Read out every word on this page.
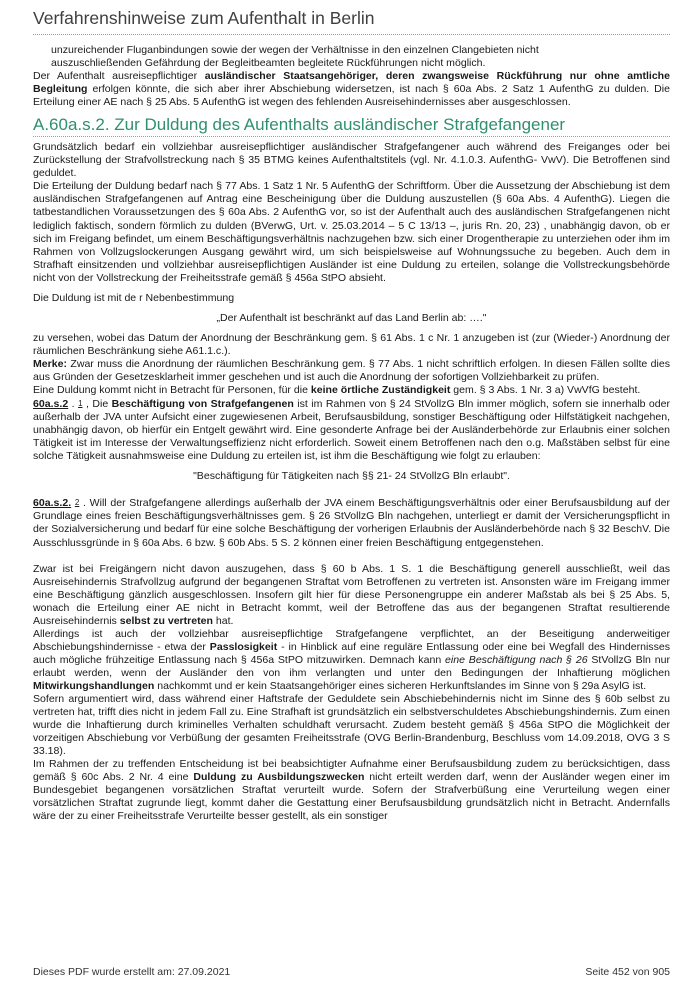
Verfahrenshinweise zum Aufenthalt in Berlin

unzureichender Fluganbindungen sowie der wegen der Verhältnisse in den einzelnen Clangebieten nicht
auszuschließenden Gefährdung der Begleitbeamten begleitete Rückführungen nicht möglich.

Der Aufenthalt ausreisepflichtiger ausländischer Staatsangehöriger, deren zwangsweise Rückführung nur ohne amtliche Begleitung erfolgen könnte, die sich aber ihrer Abschiebung widersetzen, ist nach § 60a Abs. 2 Satz 1 AufenthG zu dulden. Die Erteilung einer AE nach § 25 Abs. 5 AufenthG ist wegen des fehlenden Ausreisehindernisses aber ausgeschlossen.

A.60a.s.2. Zur Duldung des Aufenthalts ausländischer Strafgefangener

Grundsätzlich bedarf ein vollziehbar ausreisepflichtiger ausländischer Strafgefangener auch während des Freiganges oder bei Zurückstellung der Strafvollstreckung nach § 35 BTMG keines Aufenthaltstitels (vgl. Nr. 4.1.0.3. AufenthG- VwV). Die Betroffenen sind geduldet.

Die Erteilung der Duldung bedarf nach § 77 Abs. 1 Satz 1 Nr. 5 AufenthG der Schriftform. Über die Aussetzung der Abschiebung ist dem ausländischen Strafgefangenen auf Antrag eine Bescheinigung über die Duldung auszustellen (§ 60a Abs. 4 AufenthG). Liegen die tatbestandlichen Voraussetzungen des § 60a Abs. 2 AufenthG vor, so ist der Aufenthalt auch des ausländischen Strafgefangenen nicht lediglich faktisch, sondern förmlich zu dulden (BVerwG, Urt. v. 25.03.2014 – 5 C 13/13 –, juris Rn. 20, 23) , unabhängig davon, ob er sich im Freigang befindet, um einem Beschäftigungsverhältnis nachzugehen bzw. sich einer Drogentherapie zu unterziehen oder ihm im Rahmen von Vollzugslockerungen Ausgang gewährt wird, um sich beispielsweise auf Wohnungssuche zu begeben. Auch dem in Strafhaft einsitzenden und vollziehbar ausreisepflichtigen Ausländer ist eine Duldung zu erteilen, solange die Vollstreckungsbehörde nicht von der Vollstreckung der Freiheitsstrafe gemäß § 456a StPO absieht.

Die Duldung ist mit de r Nebenbestimmung

„Der Aufenthalt ist beschränkt auf das Land Berlin ab: …."

zu versehen, wobei das Datum der Anordnung der Beschränkung gem. § 61 Abs. 1 c Nr. 1 anzugeben ist (zur (Wieder-) Anordnung der räumlichen Beschränkung siehe A61.1.c.).

Merke: Zwar muss die Anordnung der räumlichen Beschränkung gem. § 77 Abs. 1 nicht schriftlich erfolgen. In diesen Fällen sollte dies aus Gründen der Gesetzesklarheit immer geschehen und ist auch die Anordnung der sofortigen Vollziehbarkeit zu prüfen.

Eine Duldung kommt nicht in Betracht für Personen, für die keine örtliche Zuständigkeit gem. § 3 Abs. 1 Nr. 3 a) VwVfG besteht.

60a.s.2 . 1 , Die Beschäftigung von Strafgefangenen ist im Rahmen von § 24 StVollzG Bln immer möglich, sofern sie innerhalb oder außerhalb der JVA unter Aufsicht einer zugewiesenen Arbeit, Berufsausbildung, sonstiger Beschäftigung oder Hilfstätigkeit nachgehen, unabhängig davon, ob hierfür ein Entgelt gewährt wird. Eine gesonderte Anfrage bei der Ausländerbehörde zur Erlaubnis einer solchen Tätigkeit ist im Interesse der Verwaltungseffizienz nicht erforderlich. Soweit einem Betroffenen nach den o.g. Maßstäben selbst für eine solche Tätigkeit ausnahmsweise eine Duldung zu erteilen ist, ist ihm die Beschäftigung wie folgt zu erlauben:

"Beschäftigung für Tätigkeiten nach §§ 21- 24 StVollzG Bln erlaubt".

60a.s.2. 2 . Will der Strafgefangene allerdings außerhalb der JVA einem Beschäftigungsverhältnis oder einer Berufsausbildung auf der Grundlage eines freien Beschäftigungsverhältnisses gem. § 26 StVollzG Bln nachgehen, unterliegt er damit der Versicherungspflicht in der Sozialversicherung und bedarf für eine solche Beschäftigung der vorherigen Erlaubnis der Ausländerbehörde nach § 32 BeschV. Die Ausschlussgründe in § 60a Abs. 6 bzw. § 60b Abs. 5 S. 2 können einer freien Beschäftigung entgegenstehen.

Zwar ist bei Freigängern nicht davon auszugehen, dass § 60 b Abs. 1 S. 1 die Beschäftigung generell ausschließt, weil das Ausreisehindernis Strafvollzug aufgrund der begangenen Straftat vom Betroffenen zu vertreten ist. Ansonsten wäre im Freigang immer eine Beschäftigung gänzlich ausgeschlossen. Insofern gilt hier für diese Personengruppe ein anderer Maßstab als bei § 25 Abs. 5, wonach die Erteilung einer AE nicht in Betracht kommt, weil der Betroffene das aus der begangenen Straftat resultierende Ausreisehindernis selbst zu vertreten hat.

Allerdings ist auch der vollziehbar ausreisepflichtige Strafgefangene verpflichtet, an der Beseitigung anderweitiger Abschiebungshindernisse - etwa der Passlosigkeit - in Hinblick auf eine reguläre Entlassung oder eine bei Wegfall des Hindernisses auch mögliche frühzeitige Entlassung nach § 456a StPO mitzuwirken. Demnach kann eine Beschäftigung nach § 26 StVollzG Bln nur erlaubt werden, wenn der Ausländer den von ihm verlangten und unter den Bedingungen der Inhaftierung möglichen Mitwirkungshandlungen nachkommt und er kein Staatsangehöriger eines sicheren Herkunftslandes im Sinne von § 29a AsylG ist.

Sofern argumentiert wird, dass während einer Haftstrafe der Geduldete sein Abschiebehindernis nicht im Sinne des § 60b selbst zu vertreten hat, trifft dies nicht in jedem Fall zu. Eine Strafhaft ist grundsätzlich ein selbstverschuldetes Abschiebungshindernis. Zum einen wurde die Inhaftierung durch kriminelles Verhalten schuldhaft verursacht. Zudem besteht gemäß § 456a StPO die Möglichkeit der vorzeitigen Abschiebung vor Verbüßung der gesamten Freiheitsstrafe (OVG Berlin-Brandenburg, Beschluss vom 14.09.2018, OVG 3 S 33.18).

Im Rahmen der zu treffenden Entscheidung ist bei beabsichtigter Aufnahme einer Berufsausbildung zudem zu berücksichtigen, dass gemäß § 60c Abs. 2 Nr. 4 eine Duldung zu Ausbildungszwecken nicht erteilt werden darf, wenn der Ausländer wegen einer im Bundesgebiet begangenen vorsätzlichen Straftat verurteilt wurde. Sofern der Strafverbüßung eine Verurteilung wegen einer vorsätzlichen Straftat zugrunde liegt, kommt daher die Gestattung einer Berufsausbildung grundsätzlich nicht in Betracht. Andernfalls wäre der zu einer Freiheitsstrafe Verurteilte besser gestellt, als ein sonstiger

Dieses PDF wurde erstellt am: 27.09.2021	Seite 452 von 905
